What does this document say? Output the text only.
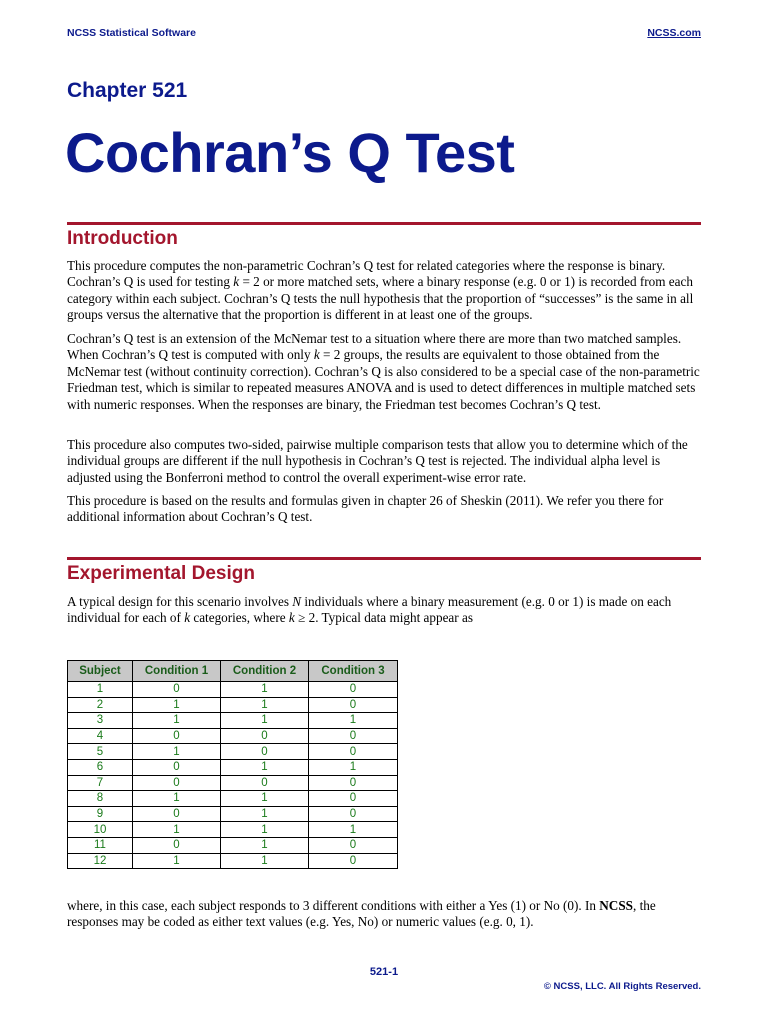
NCSS Statistical Software	NCSS.com
Chapter 521
Cochran’s Q Test
Introduction

This procedure computes the non-parametric Cochran’s Q test for related categories where the response is binary. Cochran’s Q is used for testing k = 2 or more matched sets, where a binary response (e.g. 0 or 1) is recorded from each category within each subject. Cochran’s Q tests the null hypothesis that the proportion of “successes” is the same in all groups versus the alternative that the proportion is different in at least one of the groups.

Cochran’s Q test is an extension of the McNemar test to a situation where there are more than two matched samples. When Cochran’s Q test is computed with only k = 2 groups, the results are equivalent to those obtained from the McNemar test (without continuity correction). Cochran’s Q is also considered to be a special case of the non-parametric Friedman test, which is similar to repeated measures ANOVA and is used to detect differences in multiple matched sets with numeric responses. When the responses are binary, the Friedman test becomes Cochran’s Q test.

This procedure also computes two-sided, pairwise multiple comparison tests that allow you to determine which of the individual groups are different if the null hypothesis in Cochran’s Q test is rejected. The individual alpha level is adjusted using the Bonferroni method to control the overall experiment-wise error rate.

This procedure is based on the results and formulas given in chapter 26 of Sheskin (2011). We refer you there for additional information about Cochran’s Q test.

Experimental Design

A typical design for this scenario involves N individuals where a binary measurement (e.g. 0 or 1) is made on each individual for each of k categories, where k ≥ 2. Typical data might appear as

Subject	Condition 1	Condition 2	Condition 3
1	0	1	0
2	1	1	0
3	1	1	1
4	0	0	0
5	1	0	0
6	0	1	1
7	0	0	0
8	1	1	0
9	0	1	0
10	1	1	1
11	0	1	0
12	1	1	0

where, in this case, each subject responds to 3 different conditions with either a Yes (1) or No (0). In NCSS, the responses may be coded as either text values (e.g. Yes, No) or numeric values (e.g. 0, 1).

521-1
© NCSS, LLC. All Rights Reserved.
